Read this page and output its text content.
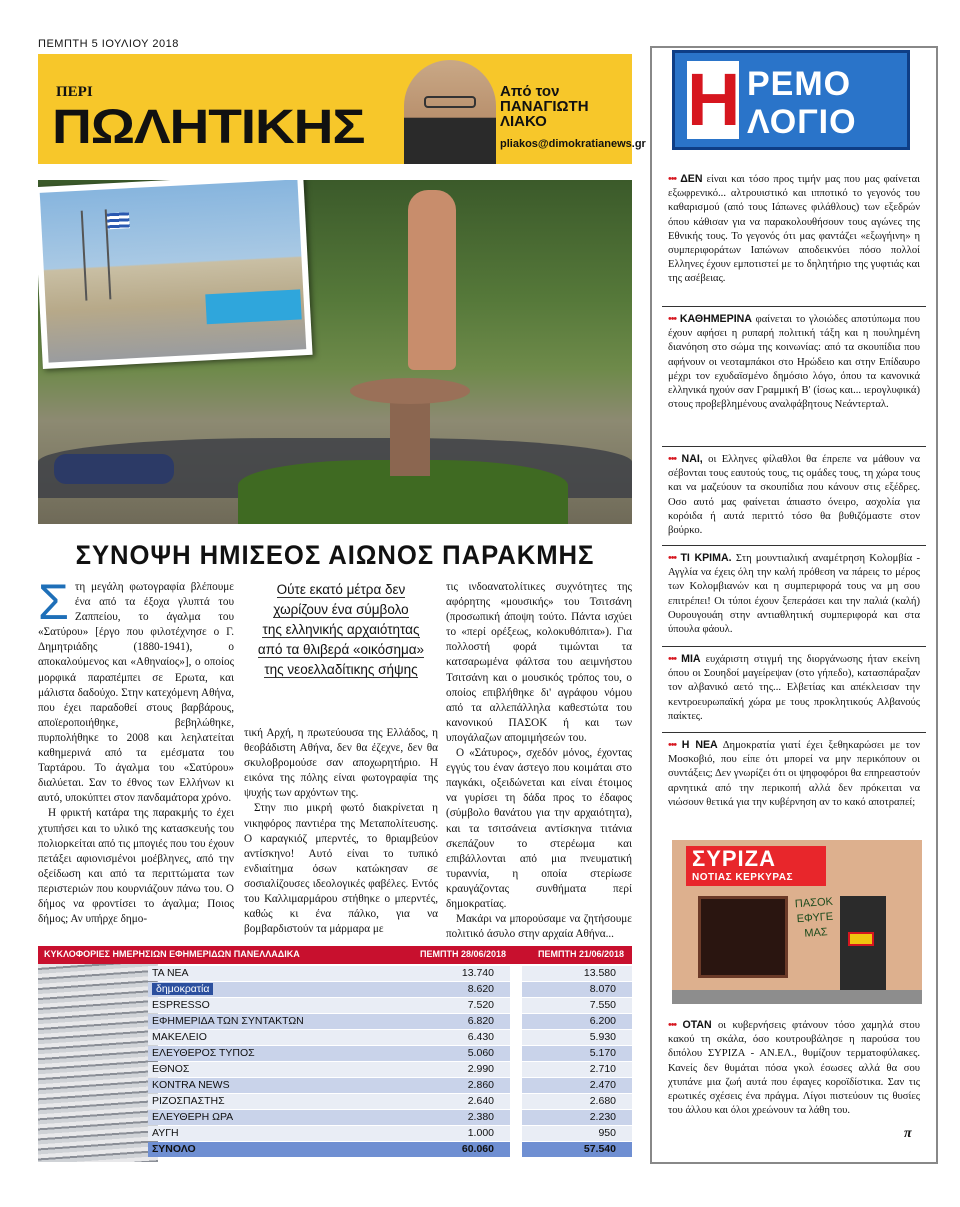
ΠΕΜΠΤΗ 5 ΙΟΥΛΙΟΥ 2018
ΠΕΡΙ
ΠΩΛΗΤΙΚΗΣ
Από τον
ΠΑΝΑΓΙΩΤΗ
ΛΙΑΚΟ
pliakos@dimokratianews.gr
ΣΥΝΟΨΗ ΗΜΙΣΕΟΣ ΑΙΩΝΟΣ ΠΑΡΑΚΜΗΣ

Στη μεγάλη φωτογραφία βλέπουμε ένα από τα έξοχα γλυπτά του Ζαππείου, το άγαλμα του «Σατύρου» [έργο που φιλοτέχνησε ο Γ. Δημητριάδης (1880-1941), ο αποκαλούμενος και «Αθηναίος»], ο οποίος μορφικά παραπέμπει σε Ερωτα, και μάλιστα δαδούχο. Στην κατεχόμενη Αθήνα, που έχει παραδοθεί στους βαρβάρους, αποϊεροποιήθηκε, βεβηλώθηκε, πυρπολήθηκε το 2008 και λεηλατείται καθημερινά από τα εμέσματα του Ταρτάρου. Το άγαλμα του «Σατύρου» διαλύεται. Σαν το έθνος των Ελλήνων κι αυτό, υποκύπτει στον πανδαμάτορα χρόνο.

Η φρικτή κατάρα της παρακμής το έχει χτυπήσει και το υλικό της κατασκευής του πολιορκείται από τις μπογιές που του έχουν πετάξει αφιονισμένοι μοέβληνες, από την οξείδωση και από τα περιττώματα των περιστεριών που κουρνιάζουν πάνω του. Ο δήμος να φροντίσει το άγαλμα; Ποιος δήμος; Αν υπήρχε δημο-

Ούτε εκατό μέτρα δεν
χωρίζουν ένα σύμβολο
της ελληνικής αρχαιότητας
από τα θλιβερά «οικόσημα»
της νεοελλαδίτικης σήψης

τική Αρχή, η πρωτεύουσα της Ελλάδος, η θεοβάδιστη Αθήνα, δεν θα έζεχνε, δεν θα σκυλοβρομούσε σαν αποχωρητήριο. Η εικόνα της πόλης είναι φωτογραφία της ψυχής των αρχόντων της.

Στην πιο μικρή φωτό διακρίνεται η νικηφόρος παντιέρα της Μεταπολίτευσης. Ο καραγκιόζ μπερντές, το θριαμβεύον αντίσκηνο! Αυτό είναι το τυπικό ενδιαίτημα όσων κατώκησαν σε σοσιαλίζουσες ιδεολογικές φαβέλες. Εντός του Καλλιμαρμάρου στήθηκε ο μπερντές, καθώς κι ένα πάλκο, για να βομβαρδιστούν τα μάρμαρα με

τις ινδοανατολίτικες συχνότητες της αφόρητης «μουσικής» του Τσιτσάνη (προσωπική άποψη τούτο. Πάντα ισχύει το «περί ορέξεως, κολοκυθόπιτα»). Για πολλοστή φορά τιμώνται τα κατσαρωμένα φάλτσα του αειμνήστου Τσιτσάνη και ο μουσικός τρόπος του, ο οποίος επιβλήθηκε δι' αγράφου νόμου από τα αλλεπάλληλα καθεστώτα του κανονικού ΠΑΣΟΚ ή και των υπογάλαζων απομιμήσεών του.

Ο «Σάτυρος», σχεδόν μόνος, έχοντας εγγύς του έναν άστεγο που κοιμάται στο παγκάκι, οξειδώνεται και είναι έτοιμος να γυρίσει τη δάδα προς το έδαφος (σύμβολο θανάτου για την αρχαιότητα), και τα τσιτσάνεια αντίσκηνα τιτάνια σκεπάζουν το στερέωμα και επιβάλλονται από μια πνευματική τυραννία, η οποία στερίωσε κραυγάζοντας συνθήματα περί δημοκρατίας.

Μακάρι να μπορούσαμε να ζητήσουμε πολιτικό άσυλο στην αρχαία Αθήνα...

ΚΥΚΛΟΦΟΡΙΕΣ ΗΜΕΡΗΣΙΩΝ ΕΦΗΜΕΡΙΔΩΝ ΠΑΝΕΛΛΑΔΙΚΑ	ΠΕΜΠΤΗ 28/06/2018	ΠΕΜΠΤΗ 21/06/2018
ΤΑ ΝΕΑ	13.740	13.580
δημοκρατία	8.620	8.070
ESPRESSO	7.520	7.550
ΕΦΗΜΕΡΙΔΑ ΤΩΝ ΣΥΝΤΑΚΤΩΝ	6.820	6.200
ΜΑΚΕΛΕΙΟ	6.430	5.930
ΕΛΕΥΘΕΡΟΣ ΤΥΠΟΣ	5.060	5.170
ΕΘΝΟΣ	2.990	2.710
KONTRA NEWS	2.860	2.470
ΡΙΖΟΣΠΑΣΤΗΣ	2.640	2.680
ΕΛΕΥΘΕΡΗ ΩΡΑ	2.380	2.230
ΑΥΓΗ	1.000	950
ΣΥΝΟΛΟ	60.060	57.540
Η ΡΕΜΟ
ΛΟΓΙΟ
••• ΔΕΝ είναι και τόσο προς τιμήν μας που μας φαίνεται εξωφρενικό... αλτρουιστικό και ιπποτικό το γεγονός του καθαρισμού (από τους Ιάπωνες φιλάθλους) των εξεδρών όπου κάθισαν για να παρακολουθήσουν τους αγώνες της Εθνικής τους. Το γεγονός ότι μας φαντάζει «εξωγήινη» η συμπεριφοράτων Ιαπώνων αποδεικνύει πόσο πολλοί Ελληνες έχουν εμποτιστεί με το δηλητήριο της γυφτιάς και της ασέβειας.
••• ΚΑΘΗΜΕΡΙΝΑ φαίνεται το γλοιώδες αποτύπωμα που έχουν αφήσει η ρυπαρή πολιτική τάξη και η πουλημένη διανόηση στο σώμα της κοινωνίας: από τα σκουπίδια που αφήνουν οι νεοταμπάκοι στο Ηρώδειο και στην Επίδαυρο μέχρι τον εχυδαϊσμένο δημόσιο λόγο, όπου τα κανονικά ελληνικά ηχούν σαν Γραμμική Β' (ίσως και... ιερογλυφικά) στους προβεβλημένους αναλφάβητους Νεάντερταλ.
••• ΝΑΙ, οι Ελληνες φίλαθλοι θα έπρεπε να μάθουν να σέβονται τους εαυτούς τους, τις ομάδες τους, τη χώρα τους και να μαζεύουν τα σκουπίδια που κάνουν στις εξέδρες. Οσο αυτό μας φαίνεται άπιαστο όνειρο, ασχολία για κορόιδα ή αυτά περιττό τόσο θα βυθιζόμαστε στον βούρκο.
••• ΤΙ ΚΡΙΜΑ. Στη μουντιαλική αναμέτρηση Κολομβία - Αγγλία να έχεις όλη την καλή πρόθεση να πάρεις το μέρος των Κολομβιανών και η συμπεριφορά τους να μη σου επιτρέπει! Οι τύποι έχουν ξεπεράσει και την παλιά (καλή) Ουρουγουάη στην αντιαθλητική συμπεριφορά και στα ύπουλα φάουλ.
••• ΜΙΑ ευχάριστη στιγμή της διοργάνωσης ήταν εκείνη όπου οι Σουηδοί μαγείρεψαν (στο γήπεδο), κατασπάραξαν τον αλβανικό αετό της... Ελβετίας και απέκλεισαν την κεντροευρωπαϊκή χώρα με τους προκλητικούς Αλβανούς παίκτες.
••• Η ΝΕΑ Δημοκρατία γιατί έχει ξεθηκαρώσει με τον Μοσκοβιό, που είπε ότι μπορεί να μην περικόπουν οι συντάξεις; Δεν γνωρίζει ότι οι ψηφοφόροι θα επηρεαστούν αρνητικά από την περικοπή αλλά δεν πρόκειται να νιώσουν θετικά για την κυβέρνηση αν το κακό αποτραπεί;
ΣΥΡΙΖΑ
ΝΟΤΙΑΣ ΚΕΡΚΥΡΑΣ
ΠΑΣΟΚ
ΕΦΥΓΕ
ΜΑΣ
••• ΟΤΑΝ οι κυβερνήσεις φτάνουν τόσο χαμηλά στου κακού τη σκάλα, όσο κουτρουβάλησε η παρούσα του διπόλου ΣΥΡΙΖΑ - ΑΝ.ΕΛ., θυμίζουν τερματοφύλακες. Κανείς δεν θυμάται πόσα γκολ έσωσες αλλά θα σου χτυπάνε μια ζωή αυτά που έφαγες κοροϊδίστικα. Σαν τις ερωτικές σχέσεις ένα πράγμα. Λίγοι πιστεύουν τις θυσίες του άλλου και όλοι χρεώνουν τα λάθη του.
π
